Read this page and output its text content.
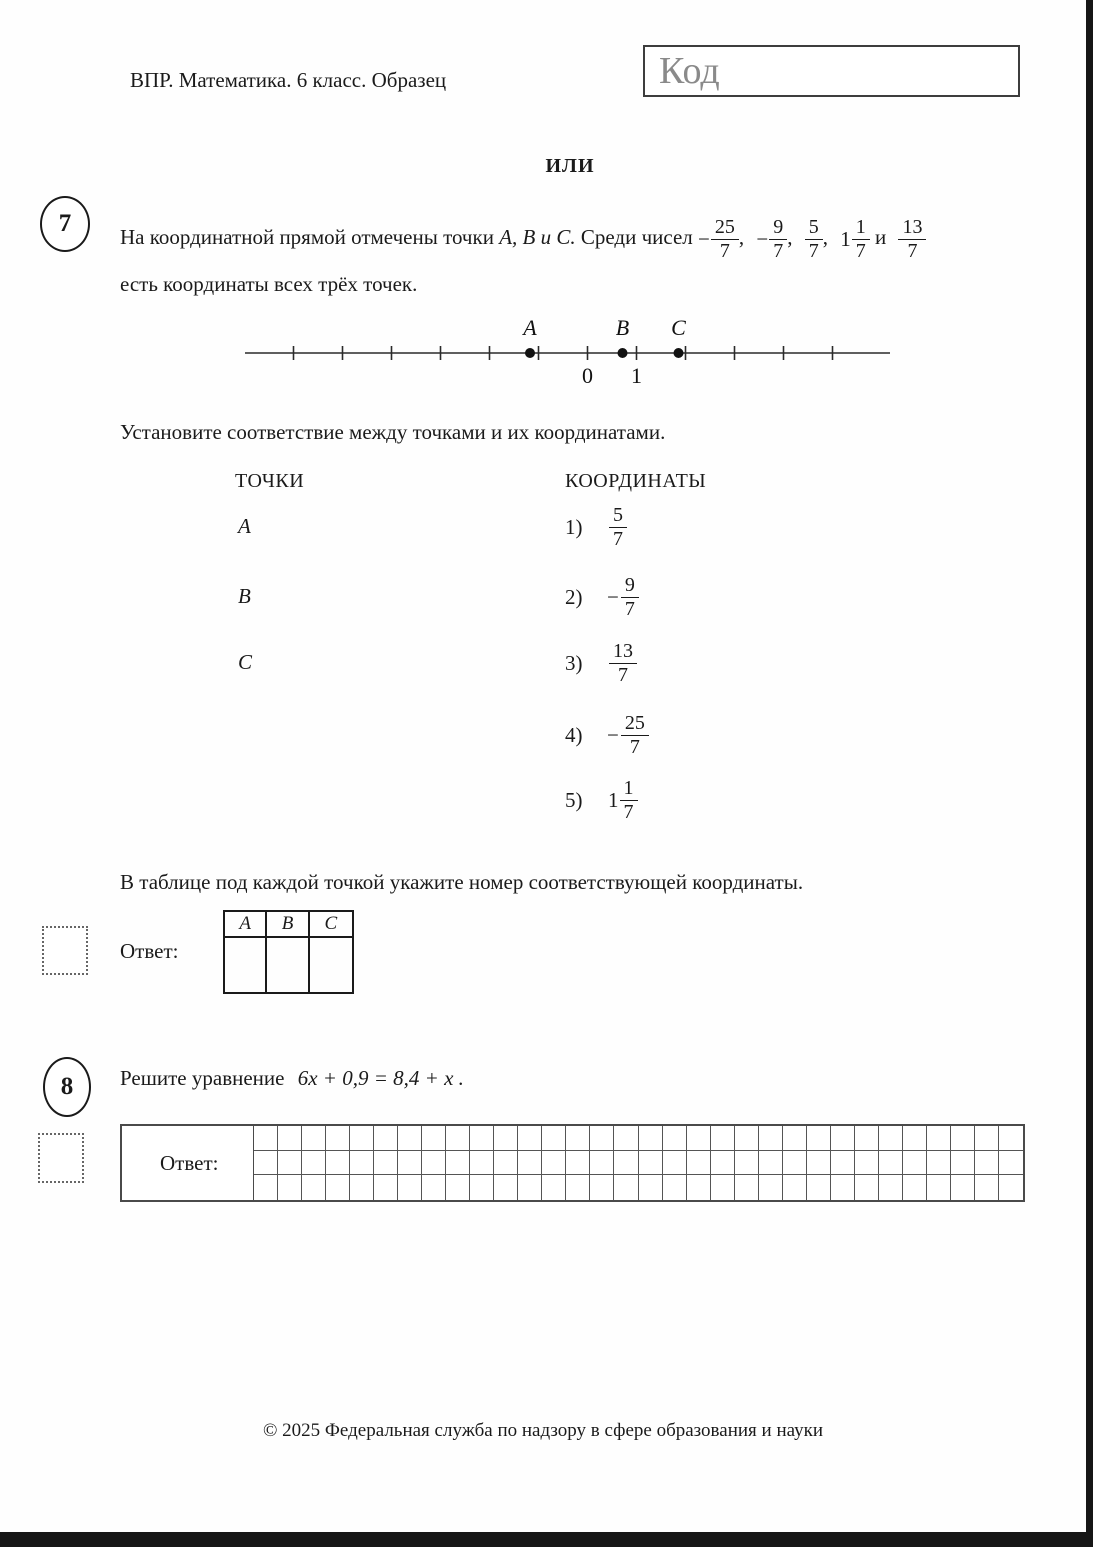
ВПР. Математика. 6 класс. Образец	Код
ИЛИ
7	На координатной прямой отмечены точки A, B и C. Среди чисел − $\frac{25}{7}$ , − $\frac{9}{7}$ , $\frac{5}{7}$ , $1 \frac{1}{7}$ и $\frac{13}{7}$
есть координаты всех трёх точек.
A	B C
0 1
Установите соответствие между точками и их координатами.
ТОЧКИ	КООРДИНАТЫ
A
B
C
1)	$\frac{5}{7}$
2)	− $\frac{9}{7}$
3)	$\frac{13}{7}$
4)	− $\frac{25}{7}$
5)	$1 \frac{1}{7}$
В таблице под каждой точкой укажите номер соответствующей координаты.
Ответ:
A	B	C
8	Решите уравнение 6x + 0,9 = 8,4 + x .
Ответ:
© 2025 Федеральная служба по надзору в сфере образования и науки
